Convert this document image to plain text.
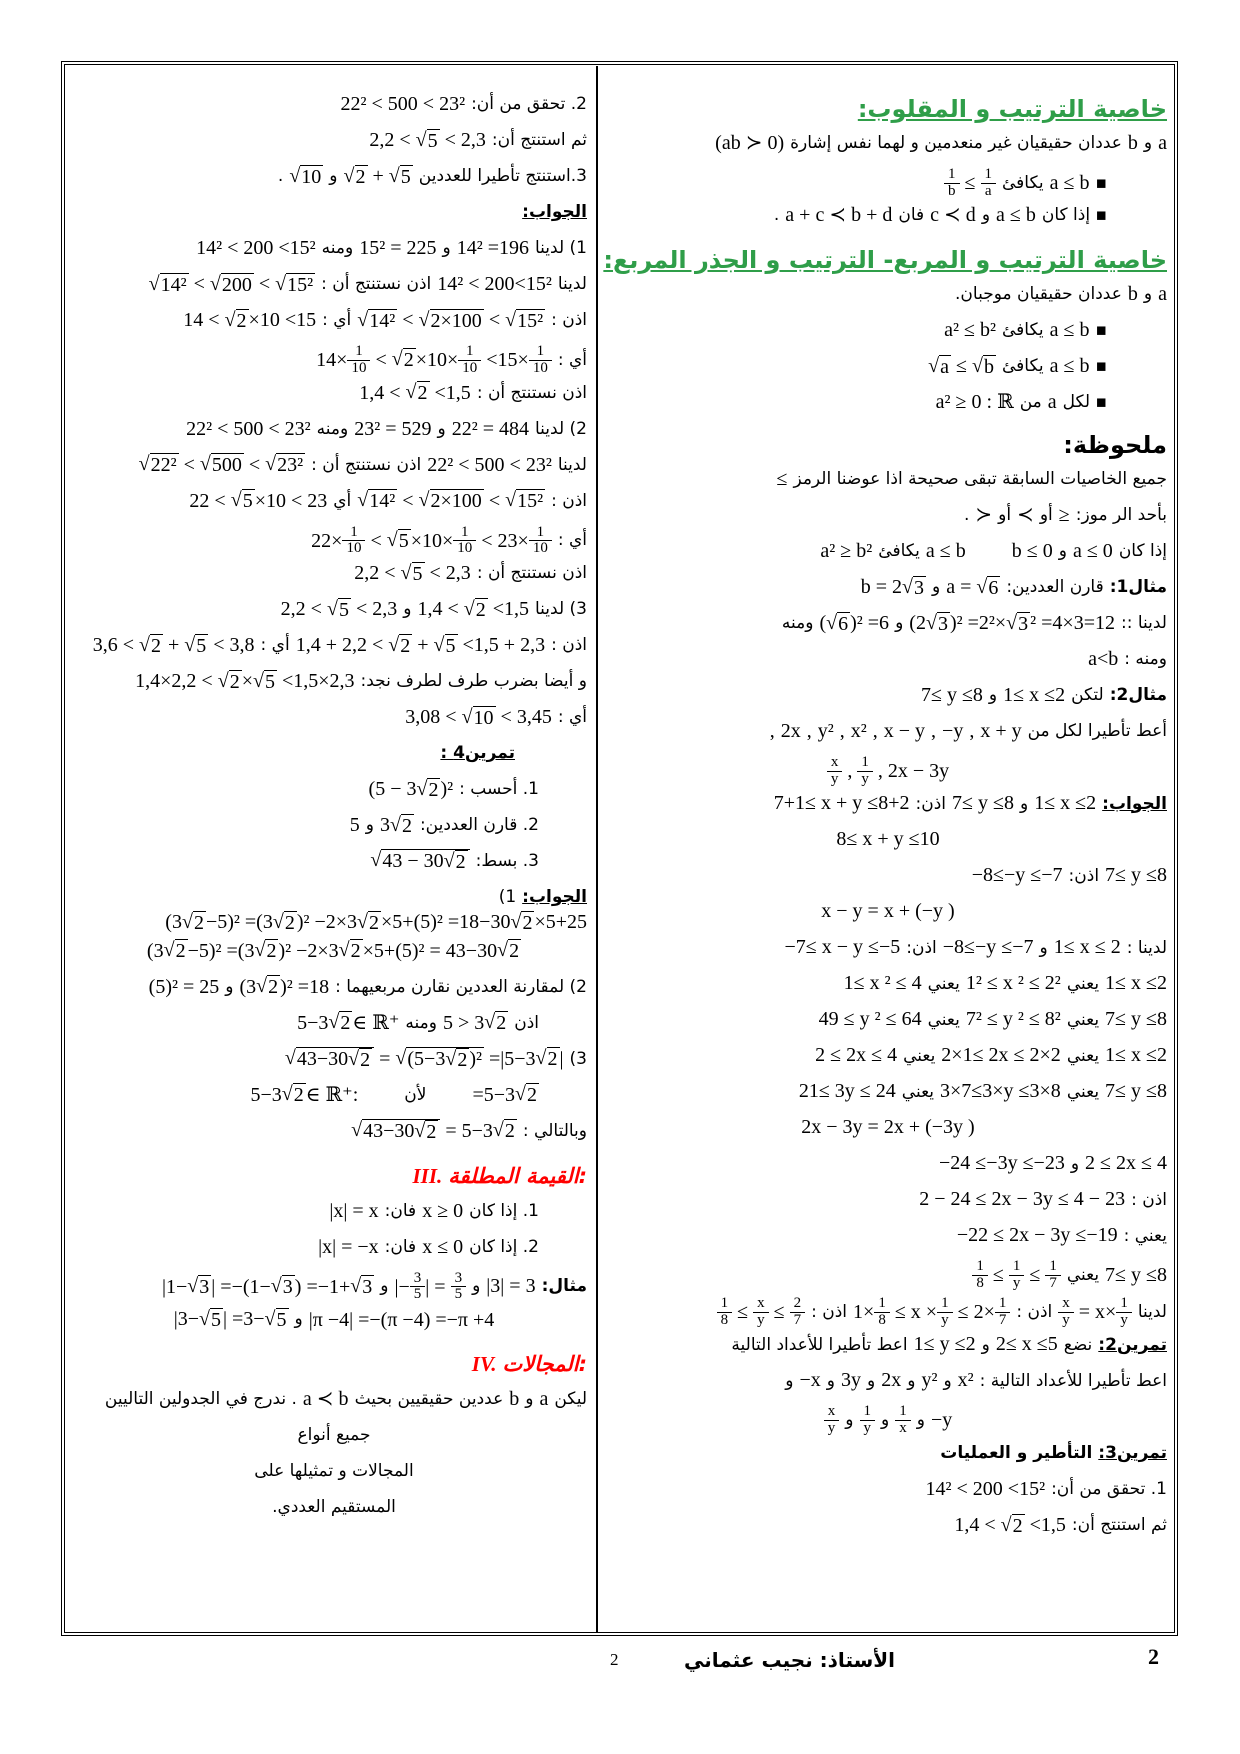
خاصية الترتيب و المقلوب:
aوbعددان حقيقيان غير منعدمين و لهما نفس إشارة(ab ≻ 0)
▪a ≤ bيكافئ
$\frac{1}{b} \le \frac{1}{a}$
▪ إذا كانa ≤ bوc ≺ dفانa + c ≺ b + d.
خاصية الترتيب و المربع- الترتيب و الجذر المربع:
aوbعددان حقيقيان موجبان.
▪a ≤ bيكافئa² ≤ b²
▪a ≤ bيكافئ
√ a ≤ √ b
▪ لكلaمنa² ≥ 0 : ℝ
ملحوظة:
جميع الخاصيات السابقة تبقى صحيحة اذا عوضنا الرمز≤
بأحد الر موز:≥أو≺أو≻.
إذا كانa ≤ 0وb ≤ 0a ≤ bيكافئa² ≥ b²
مثال1:قارن العددين:a = √ 6
وb = 2 √ 3
لدينا ::(2 √ 3 )² =2²× √ 3 ² =4×3=12و( √ 6 )² =6ومنه
ومنه :a<b
مثال2:لتكن1≤ x ≤2و7≤ y ≤8
أعط تأطيرا لكل منx + y,−y,x − y,x²,y²,2x,
$\frac{x}{y}$ , $\frac{1}{y}$ , 2x − 3y
الجواب:1≤ x ≤2و7≤ y ≤8اذن:7+1≤ x + y ≤8+2
8≤ x + y ≤10
7≤ y ≤8اذن:−8≤−y ≤−7
x − y = x + (−y )
لدينا :1≤ x ≤ 2و−8≤−y ≤−7اذن:−7≤ x − y ≤−5
1≤ x ≤2يعني1² ≤ x ² ≤ 2²يعني1≤ x ² ≤ 4
7≤ y ≤8يعني7² ≤ y ² ≤ 8²يعني49 ≤ y ² ≤ 64
1≤ x ≤2يعني2×1≤ 2x ≤ 2×2يعني2 ≤ 2x ≤ 4
7≤ y ≤8يعني3×7≤3×y ≤3×8يعني21≤ 3y ≤ 24
2x − 3y = 2x + (−3y )
2 ≤ 2x ≤ 4و−24 ≤−3y ≤−23
اذن :2 − 24 ≤ 2x − 3y ≤ 4 − 23
يعني :−22 ≤ 2x − 3y ≤−19
7≤ y ≤8يعني
$\frac{1}{8} \le \frac{1}{y} \le \frac{1}{7}$
لدينا
$\frac{x}{y} = x\times \frac{1}{y}$
اذن :1× $\frac{1}{8} \le x \times \frac{1}{y} \le 2\times \frac{1}{7}$
اذن :
$\frac{1}{8} \le \frac{x}{y} \le \frac{2}{7}$
تمرين2:نضع2≤ x ≤5و1≤ y ≤2اعط تأطيرا للأعداد التالية
اعط تأطيرا للأعداد التالية :x²وy²و2xو3yو−xو
−yو
$\frac{1}{x}$
و
$\frac{1}{y}$
و
$\frac{x}{y}$
تمرين3:التأطير و العمليات
1. تحقق من أن:14² < 200 <15²
ثم استنتج أن:1,4 < √ 2 <1,5
2. تحقق من أن:22² < 500 < 23²
ثم استنتج أن:2,2 < √ 5 < 2,3
3.استنتج تأطيرا للعددين
√ 2 + √ 5
و
√ 10
.
الجواب:
1) لدينا14² =196و15² = 225ومنه14² < 200 <15²
لدينا14² < 200<15²اذن نستنتج أن :
√ 14² < √ 200 < √ 15²
اذن :
√ 14² < √ 2×100 < √ 15²
أي :14 < √ 2 ×10 <15
أي :14× $\frac{1}{10}$ < √ $2 \times 10\times \frac{1}{10} <15\times \frac{1}{10}$
اذن نستنتج أن :1,4 < √ 2 <1,5
2) لدينا22² = 484و23² = 529ومنه22² < 500 < 23²
لدينا22² < 500 < 23²اذن نستنتج أن :
√ 22² < √ 500 < √ 23²
اذن :
√ 14² < √ 2×100 < √ 15²
أي22 < √ 5 ×10 < 23
أي :22× $\frac{1}{10}$ < √ $5 \times 10\times \frac{1}{10} < 23\times \frac{1}{10}$
اذن نستنتج أن :2,2 < √ 5 < 2,3
3) لدينا1,4 < √ 2 <1,5و2,2 < √ 5 < 2,3
اذن :1,4 + 2,2 < √ 2 + √ 5 <1,5 + 2,3أي :3,6 < √ 2 + √ 5 < 3,8
و أيضا بضرب طرف لطرف نجد:1,4×2,2 < √ 2 × √ 5 <1,5×2,3
أي :3,08 < √ 10 < 3,45
تمرين4 :
1. أحسب :(5 − 3 √ 2 )²
2. قارن العددين:3 √ 2
و5
3. بسط:
√ 43 − 30 √ 2
الجواب:1)(3 √ 2 −5)² =(3 √ 2 )² −2×3 √ 2 ×5+(5)² =18−30 √ 2 ×5+25
(3 √ 2 −5)² =(3 √ 2 )² −2×3 √ 2 ×5+(5)² = 43−30 √ 2
2) لمقارنة العددين نقارن مربعيهما :(3 √ 2 )² =18و(5)² = 25
اذن5 > 3 √ 2
ومنه5−3 √ 2 ∈ ℝ⁺
3)
√ 43−30 √ 2 = √ (5−3 √ 2 )² =|5−3 √ 2 |
=5−3 √ 2
لأن5−3 √ 2 ∈ ℝ⁺:
وبالتالي :
√ 43−30 √ 2 = 5−3 √ 2
III. القيمة المطلقة:
1. إذا كانx ≥ 0فان:|x| = x
2. إذا كانx ≤ 0فان:|x| = −x
مثال:|3| = 3و|− $\frac{3}{5}$ | = $\frac{3}{5}$
و|1− √ 3 | =−(1− √ 3 ) =−1+ √ 3
|π −4| =−(π −4) =−π +4و|3− √ 5 | =3− √ 5
IV. المجالات:
ليكنaوbعددين حقيقيين بحيثa ≺ b. ندرج في الجدولين التاليين
جميع أنواع
المجالات و تمثيلها على
المستقيم العددي.
2	الأستاذ: نجيب عثماني	2
